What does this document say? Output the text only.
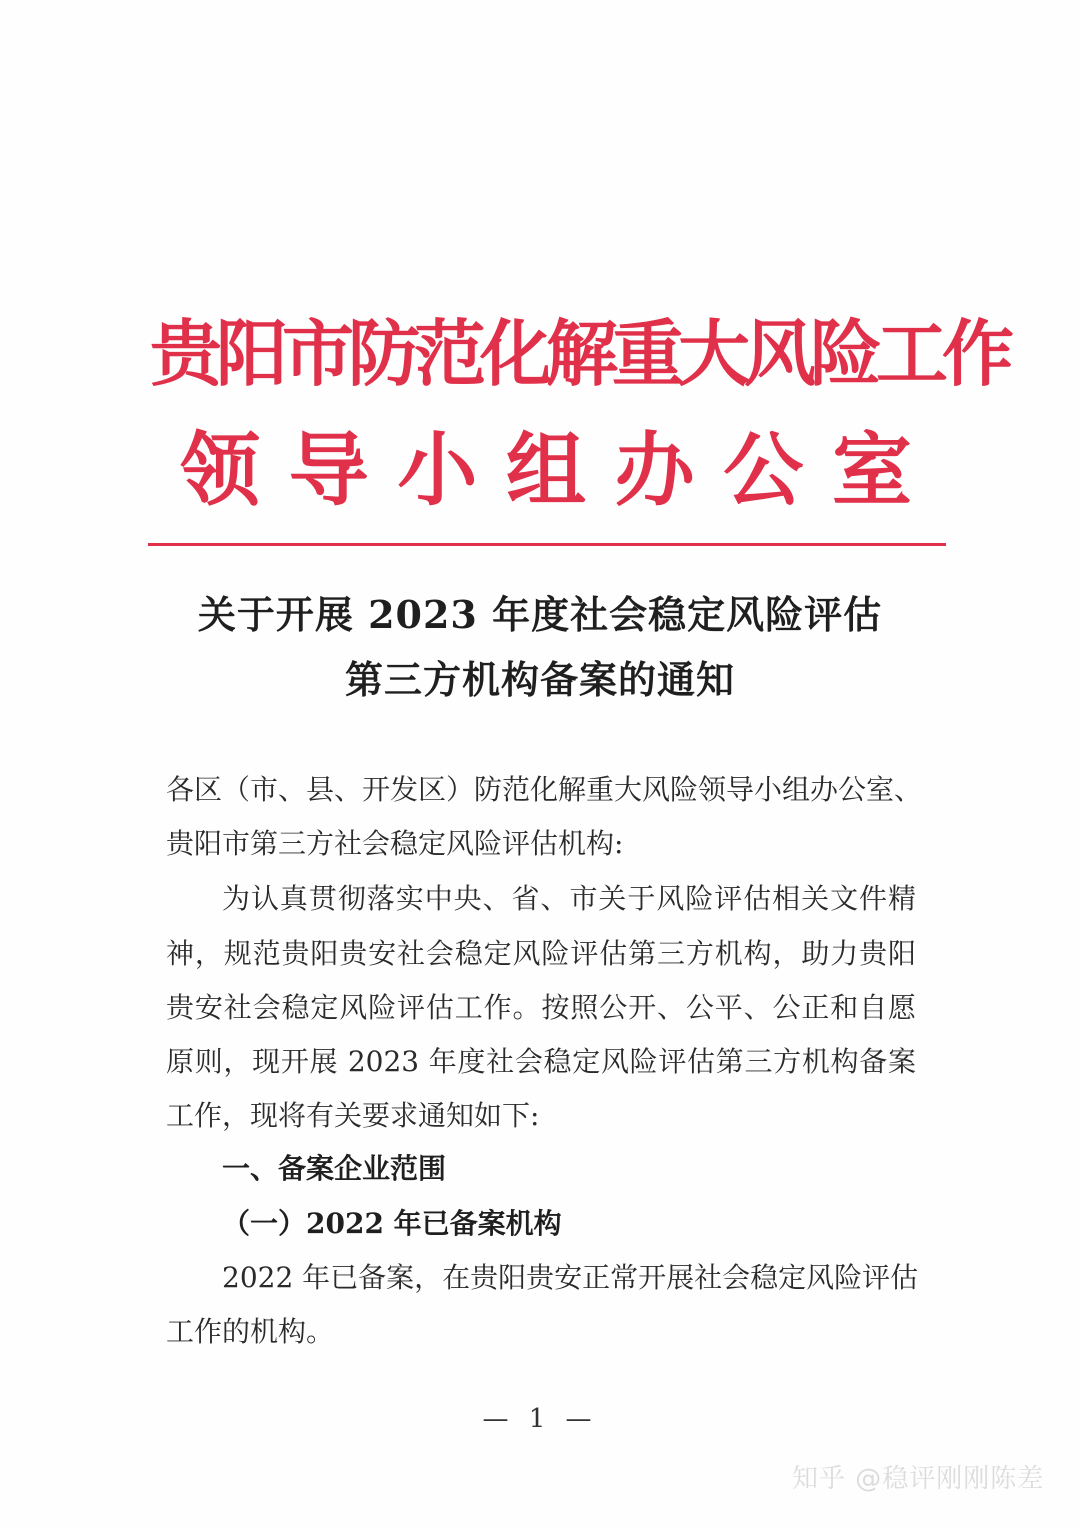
贵阳市防范化解重大风险工作
领 导 小 组 办 公 室
关于开展 2023 年度社会稳定风险评估
第三方机构备案的通知
各区（市、县、开发区）防范化解重大风险领导小组办公室、
贵阳市第三方社会稳定风险评估机构:
为认真贯彻落实中央、省、市关于风险评估相关文件精
神，规范贵阳贵安社会稳定风险评估第三方机构，助力贵阳
贵安社会稳定风险评估工作。按照公开、公平、公正和自愿
原则，现开展 2023 年度社会稳定风险评估第三方机构备案
工作，现将有关要求通知如下:
一、备案企业范围
（一）2022 年已备案机构
2022 年已备案，在贵阳贵安正常开展社会稳定风险评估
工作的机构。
— 1 —
知乎 @稳评刚刚陈差
